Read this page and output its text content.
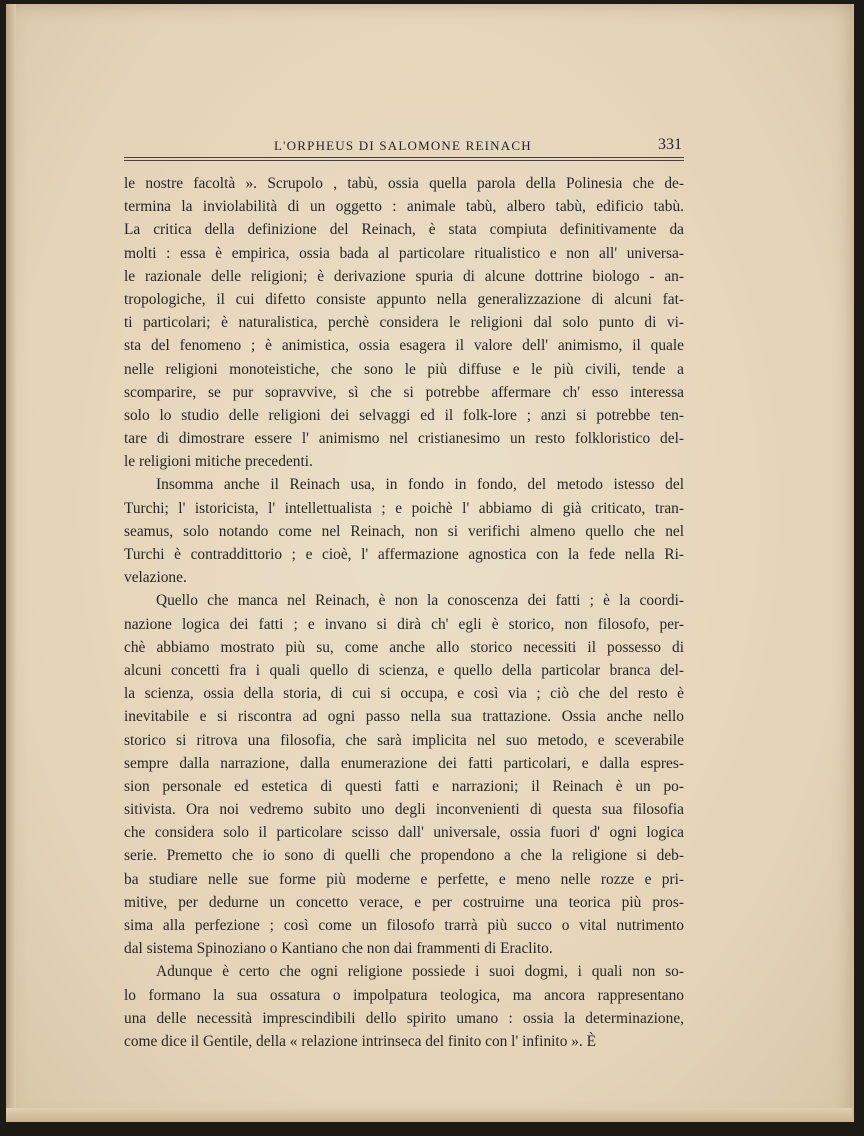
L'ORPHEUS DI SALOMONE REINACH	331

le nostre facoltà ». Scrupolo , tabù, ossia quella parola della Polinesia che de-
termina la inviolabilità di un oggetto : animale tabù, albero tabù, edificio tabù.
La critica della definizione del Reinach, è stata compiuta definitivamente da
molti : essa è empirica, ossia bada al particolare ritualistico e non all' universa-
le razionale delle religioni; è derivazione spuria di alcune dottrine biologo - an-
tropologiche, il cui difetto consiste appunto nella generalizzazione di alcuni fat-
ti particolari; è naturalistica, perchè considera le religioni dal solo punto di vi-
sta del fenomeno ; è animistica, ossia esagera il valore dell' animismo, il quale
nelle religioni monoteistiche, che sono le più diffuse e le più civili, tende a
scomparire, se pur sopravvive, sì che si potrebbe affermare ch' esso interessa
solo lo studio delle religioni dei selvaggi ed il folk-lore ; anzi si potrebbe ten-
tare di dimostrare essere l' animismo nel cristianesimo un resto folkloristico del-
le religioni mitiche precedenti.

Insomma anche il Reinach usa, in fondo in fondo, del metodo istesso del
Turchi; l' istoricista, l' intellettualista ; e poichè l' abbiamo di già criticato, tran-
seamus, solo notando come nel Reinach, non si verifichi almeno quello che nel
Turchi è contraddittorio ; e cioè, l' affermazione agnostica con la fede nella Ri-
velazione.

Quello che manca nel Reinach, è non la conoscenza dei fatti ; è la coordi-
nazione logica dei fatti ; e invano si dirà ch' egli è storico, non filosofo, per-
chè abbiamo mostrato più su, come anche allo storico necessiti il possesso di
alcuni concetti fra i quali quello di scienza, e quello della particolar branca del-
la scienza, ossia della storia, di cui si occupa, e così via ; ciò che del resto è
inevitabile e si riscontra ad ogni passo nella sua trattazione. Ossia anche nello
storico si ritrova una filosofia, che sarà implicita nel suo metodo, e sceverabile
sempre dalla narrazione, dalla enumerazione dei fatti particolari, e dalla espres-
sion personale ed estetica di questi fatti e narrazioni; il Reinach è un po-
sitivista. Ora noi vedremo subito uno degli inconvenienti di questa sua filosofia
che considera solo il particolare scisso dall' universale, ossia fuori d' ogni logica
serie. Premetto che io sono di quelli che propendono a che la religione si deb-
ba studiare nelle sue forme più moderne e perfette, e meno nelle rozze e pri-
mitive, per dedurne un concetto verace, e per costruirne una teorica più pros-
sima alla perfezione ; così come un filosofo trarrà più succo o vital nutrimento
dal sistema Spinoziano o Kantiano che non dai frammenti di Eraclito.

Adunque è certo che ogni religione possiede i suoi dogmi, i quali non so-
lo formano la sua ossatura o impolpatura teologica, ma ancora rappresentano
una delle necessità imprescindibili dello spirito umano : ossia la determinazione,
come dice il Gentile, della « relazione intrinseca del finito con l' infinito ». È
